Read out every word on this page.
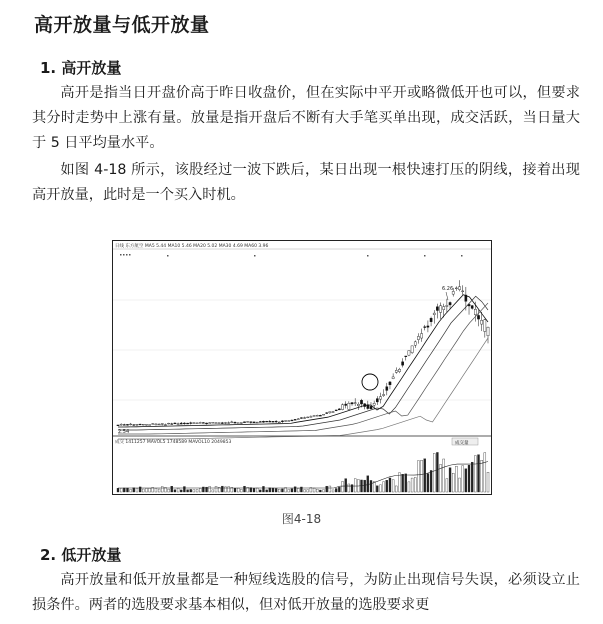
高开放量与低开放量
1. 高开放量

高开是指当日开盘价高于昨日收盘价，但在实际中平开或略微低开也可以，但要求其分时走势中上涨有量。放量是指开盘后不断有大手笔买单出现，成交活跃，当日量大于 5 日平均量水平。

如图 4-18 所示，该股经过一波下跌后，某日出现一根快速打压的阴线，接着出现高开放量，此时是一个买入时机。

日线 东方航空 MA5 5.44 MA10 5.46 MA20 5.02 MA30 4.69 MA60 3.96
6.26
2.54
成交 1411257 MAVOL5 1748589 MAVOL10 2049853	成交量
图4-18
2. 低开放量

高开放量和低开放量都是一种短线选股的信号，为防止出现信号失误，必须设立止损条件。两者的选股要求基本相似，但对低开放量的选股要求更
